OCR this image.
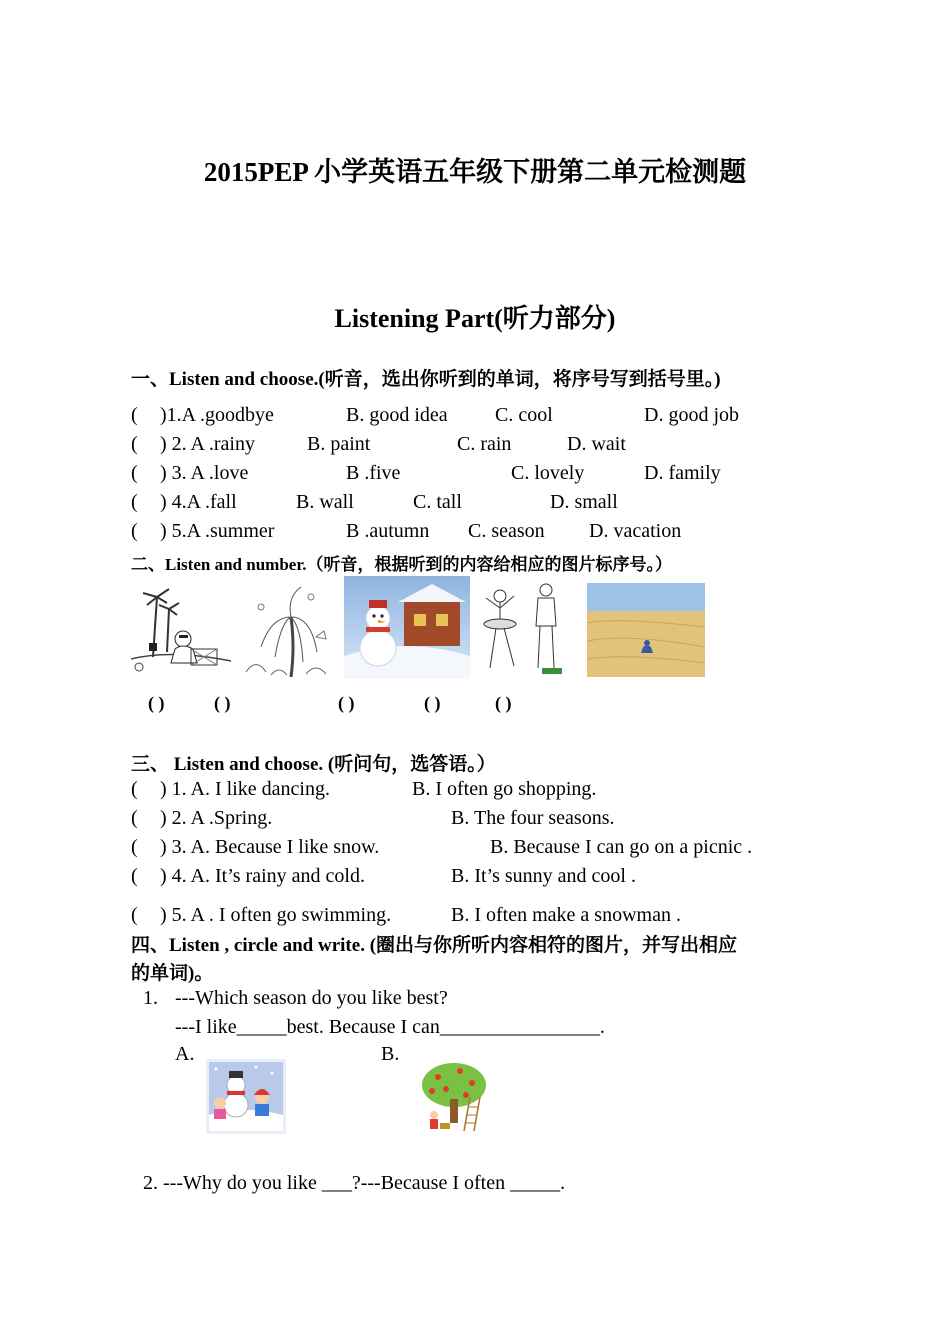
2015PEP 小学英语五年级下册第二单元检测题
Listening Part(听力部分)
一、Listen and choose.(听音，选出你听到的单词，将序号写到括号里。)
( )1.A .goodbye	B. good idea C. cool	D. good job
( ) 2. A .rainy	B. paint	C. rain	D. wait
( ) 3. A .love	B .five	C. lovely	D. family
( ) 4.A .fall	B. wall	C. tall	D. small
( ) 5.A .summer	B .autumn C. season D. vacation
二、Listen and number.（听音，根据听到的内容给相应的图片标序号。）
( )	( )	( )	( )	( )
三、 Listen and choose. (听问句，选答语。）
( ) 1. A. I like dancing.	B. I often go shopping.
( ) 2. A .Spring.	B. The four seasons.
( ) 3. A. Because I like snow.	B. Because I can go on a picnic .
( ) 4. A. It’s rainy and cold.	B. It’s sunny and cool .
( ) 5. A . I often go swimming.	B. I often make a snowman .
四、Listen , circle and write. (圈出与你所听内容相符的图片，并写出相应
的单词)。
1. ---Which season do you like best?
---I like_____best. Because I can________________.
A.	B.
2. ---Why do you like ___?---Because I often _____.
